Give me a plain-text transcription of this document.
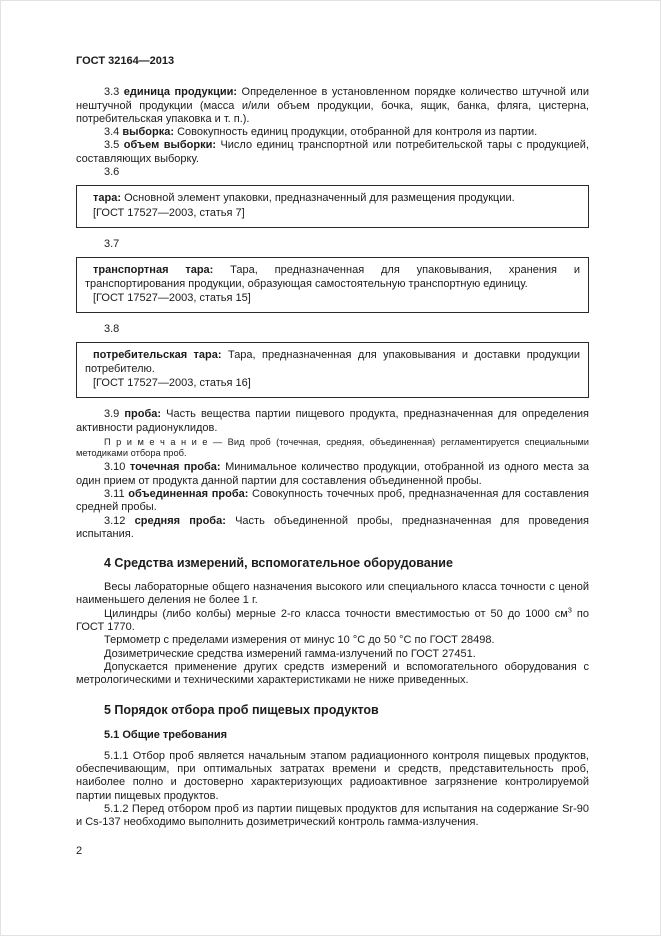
ГОСТ 32164—2013

3.3 единица продукции: Определенное в установленном порядке количество штучной или нештучной продукции (масса и/или объем продукции, бочка, ящик, банка, фляга, цистерна, потребительская упаковка и т. п.).

3.4 выборка: Совокупность единиц продукции, отобранной для контроля из партии.

3.5 объем выборки: Число единиц транспортной или потребительской тары с продукцией, составляющих выборку.

3.6

тара: Основной элемент упаковки, предназначенный для размещения продукции.

[ГОСТ 17527—2003, статья 7]

3.7

транспортная тара: Тара, предназначенная для упаковывания, хранения и транспортирования продукции, образующая самостоятельную транспортную единицу.

[ГОСТ 17527—2003, статья 15]

3.8

потребительская тара: Тара, предназначенная для упаковывания и доставки продукции потребителю.

[ГОСТ 17527—2003, статья 16]

3.9 проба: Часть вещества партии пищевого продукта, предназначенная для определения активности радионуклидов.

П р и м е ч а н и е — Вид проб (точечная, средняя, объединенная) регламентируется специальными методиками отбора проб.

3.10 точечная проба: Минимальное количество продукции, отобранной из одного места за один прием от продукта данной партии для составления объединенной пробы.

3.11 объединенная проба: Совокупность точечных проб, предназначенная для составления средней пробы.

3.12 средняя проба: Часть объединенной пробы, предназначенная для проведения испытания.

4 Средства измерений, вспомогательное оборудование

Весы лабораторные общего назначения высокого или специального класса точности с ценой наименьшего деления не более 1 г.

Цилиндры (либо колбы) мерные 2-го класса точности вместимостью от 50 до 1000 $см^3$ по ГОСТ 1770.

Термометр с пределами измерения от минус 10 °С до 50 °С по ГОСТ 28498.

Дозиметрические средства измерений гамма-излучений по ГОСТ 27451.

Допускается применение других средств измерений и вспомогательного оборудования с метрологическими и техническими характеристиками не ниже приведенных.

5 Порядок отбора проб пищевых продуктов

5.1 Общие требования

5.1.1 Отбор проб является начальным этапом радиационного контроля пищевых продуктов, обеспечивающим, при оптимальных затратах времени и средств, представительность проб, наиболее полно и достоверно характеризующих радиоактивное загрязнение контролируемой партии пищевых продуктов.

5.1.2 Перед отбором проб из партии пищевых продуктов для испытания на содержание Sr-90 и Cs-137 необходимо выполнить дозиметрический контроль гамма-излучения.

2
